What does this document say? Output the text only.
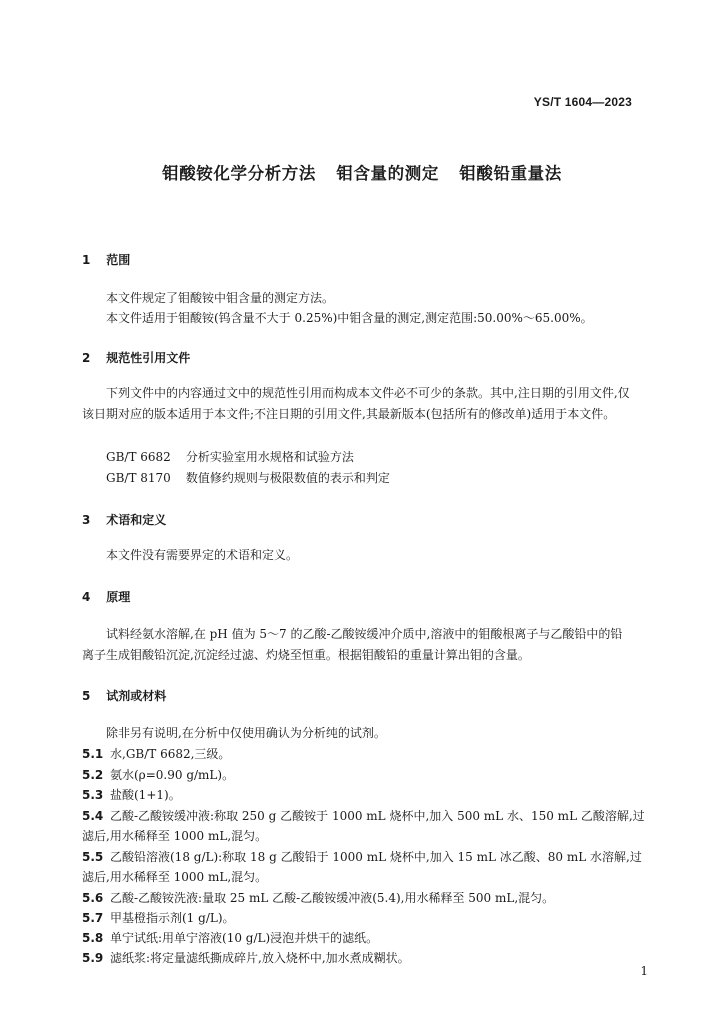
YS/T 1604—2023
钼酸铵化学分析方法 钼含量的测定 钼酸铅重量法
1 范围
本文件规定了钼酸铵中钼含量的测定方法。
本文件适用于钼酸铵(钨含量不大于 0.25%)中钼含量的测定,测定范围:50.00%～65.00%。
2 规范性引用文件
下列文件中的内容通过文中的规范性引用而构成本文件必不可少的条款。其中,注日期的引用文件,仅该日期对应的版本适用于本文件;不注日期的引用文件,其最新版本(包括所有的修改单)适用于本文件。
GB/T 6682 分析实验室用水规格和试验方法
GB/T 8170 数值修约规则与极限数值的表示和判定
3 术语和定义
本文件没有需要界定的术语和定义。
4 原理
试料经氨水溶解,在 pH 值为 5～7 的乙酸-乙酸铵缓冲介质中,溶液中的钼酸根离子与乙酸铅中的铅离子生成钼酸铅沉淀,沉淀经过滤、灼烧至恒重。根据钼酸铅的重量计算出钼的含量。
5 试剂或材料
除非另有说明,在分析中仅使用确认为分析纯的试剂。
5.1 水,GB/T 6682,三级。
5.2 氨水(ρ=0.90 g/mL)。
5.3 盐酸(1+1)。
5.4 乙酸-乙酸铵缓冲液:称取 250 g 乙酸铵于 1000 mL 烧杯中,加入 500 mL 水、150 mL 乙酸溶解,过
滤后,用水稀释至 1000 mL,混匀。
5.5 乙酸铅溶液(18 g/L):称取 18 g 乙酸铅于 1000 mL 烧杯中,加入 15 mL 冰乙酸、80 mL 水溶解,过
滤后,用水稀释至 1000 mL,混匀。
5.6 乙酸-乙酸铵洗液:量取 25 mL 乙酸-乙酸铵缓冲液(5.4),用水稀释至 500 mL,混匀。
5.7 甲基橙指示剂(1 g/L)。
5.8 单宁试纸:用单宁溶液(10 g/L)浸泡并烘干的滤纸。
5.9 滤纸浆:将定量滤纸撕成碎片,放入烧杯中,加水煮成糊状。
1
